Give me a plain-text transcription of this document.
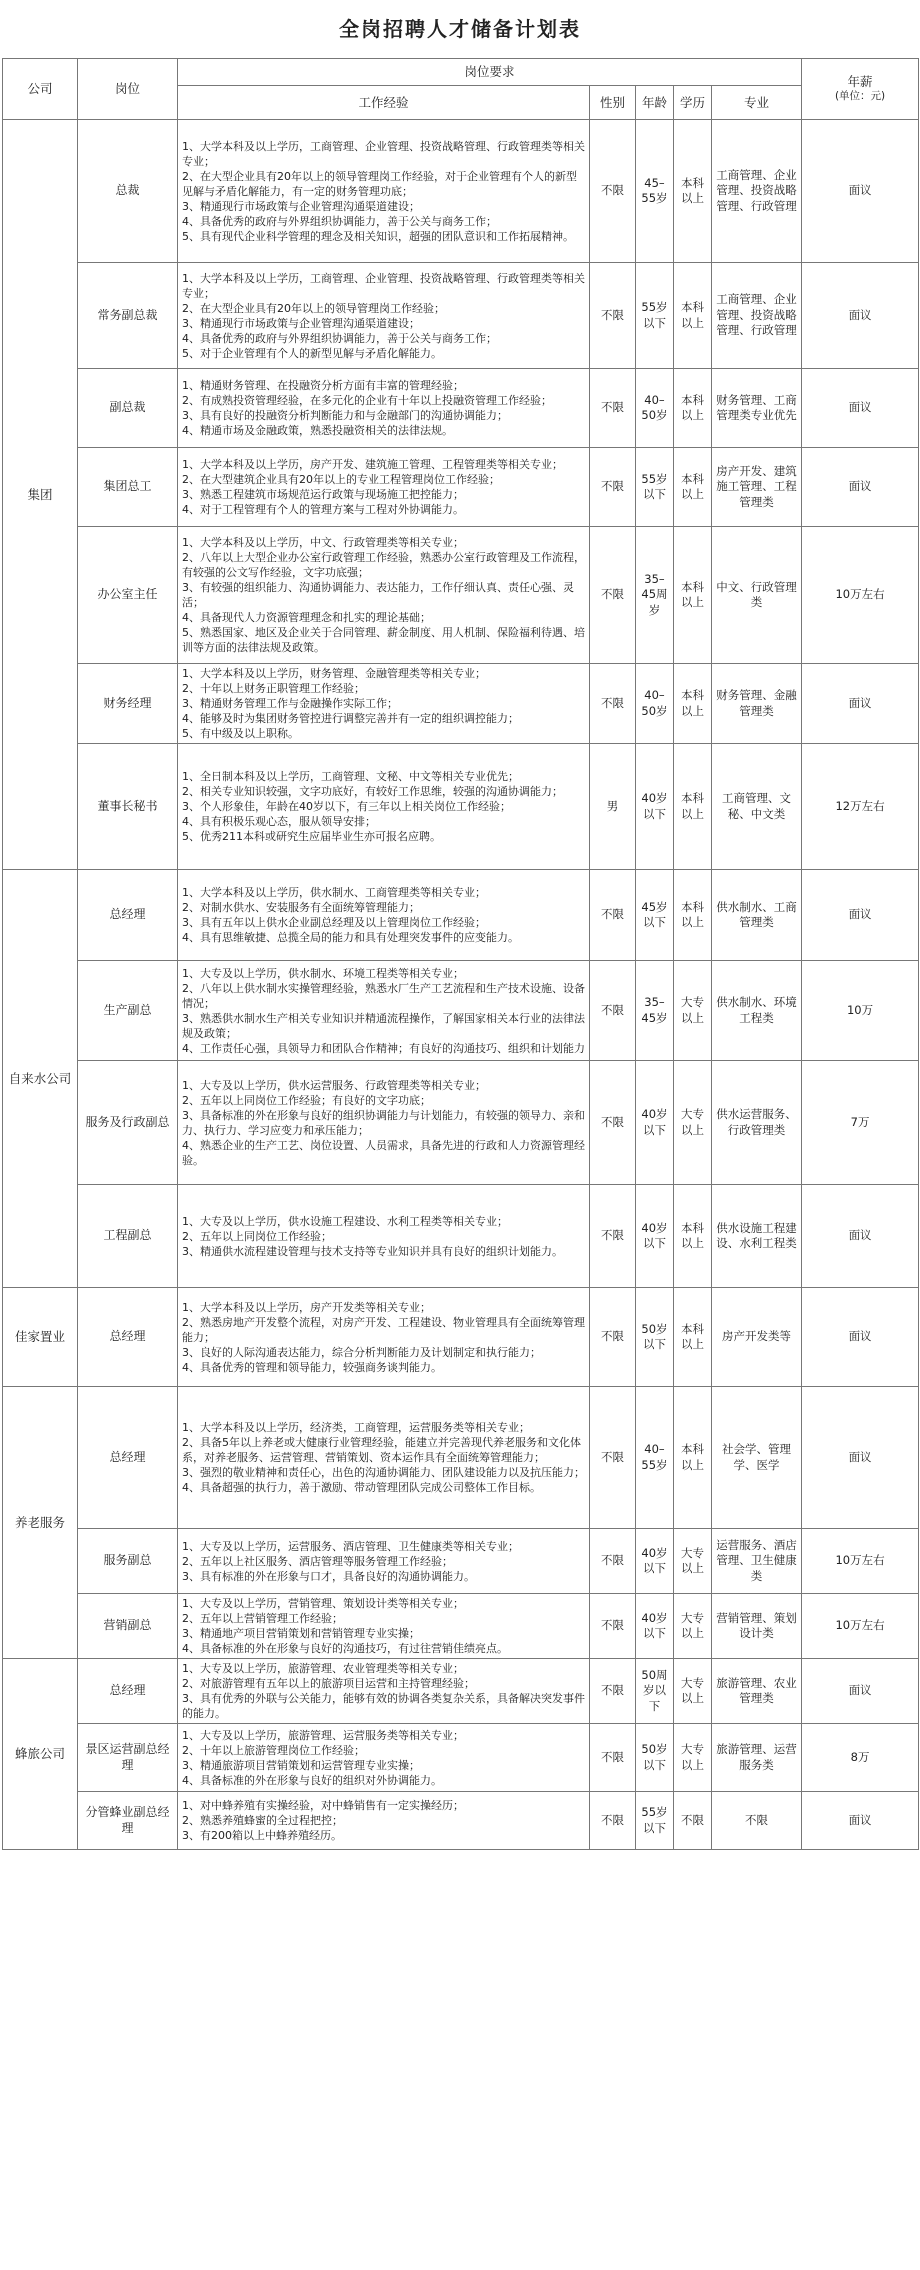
全岗招聘人才储备计划表
公司	岗位	岗位要求					年薪
(单位：元)

		工作经验	性别	年龄	学历	专业	
集团	总裁	1、大学本科及以上学历，工商管理、企业管理、投资战略管理、行政管理类等相关专业；
2、在大型企业具有20年以上的领导管理岗工作经验，对于企业管理有个人的新型见解与矛盾化解能力，有一定的财务管理功底；
3、精通现行市场政策与企业管理沟通渠道建设；
4、具备优秀的政府与外界组织协调能力，善于公关与商务工作；
5、具有现代企业科学管理的理念及相关知识，超强的团队意识和工作拓展精神。	不限	45–55岁	本科以上	工商管理、企业管理、投资战略管理、行政管理	面议
	常务副总裁	1、大学本科及以上学历，工商管理、企业管理、投资战略管理、行政管理类等相关专业；
2、在大型企业具有20年以上的领导管理岗工作经验；
3、精通现行市场政策与企业管理沟通渠道建设；
4、具备优秀的政府与外界组织协调能力，善于公关与商务工作；
5、对于企业管理有个人的新型见解与矛盾化解能力。	不限	55岁以下	本科以上	工商管理、企业管理、投资战略管理、行政管理	面议
	副总裁	1、精通财务管理、在投融资分析方面有丰富的管理经验；
2、有成熟投资管理经验，在多元化的企业有十年以上投融资管理工作经验；
3、具有良好的投融资分析判断能力和与金融部门的沟通协调能力；
4、精通市场及金融政策，熟悉投融资相关的法律法规。	不限	40–50岁	本科以上	财务管理、工商管理类专业优先	面议
	集团总工	1、大学本科及以上学历，房产开发、建筑施工管理、工程管理类等相关专业；
2、在大型建筑企业具有20年以上的专业工程管理岗位工作经验；
3、熟悉工程建筑市场规范运行政策与现场施工把控能力；
4、对于工程管理有个人的管理方案与工程对外协调能力。	不限	55岁以下	本科以上	房产开发、建筑施工管理、工程管理类	面议
	办公室主任	1、大学本科及以上学历，中文、行政管理类等相关专业；
2、八年以上大型企业办公室行政管理工作经验，熟悉办公室行政管理及工作流程，有较强的公文写作经验，文字功底强；
3、有较强的组织能力、沟通协调能力、表达能力，工作仔细认真、责任心强、灵活；
4、具备现代人力资源管理理念和扎实的理论基础；
5、熟悉国家、地区及企业关于合同管理、薪金制度、用人机制、保险福利待遇、培训等方面的法律法规及政策。	不限	35–45周岁	本科以上	中文、行政管理类	10万左右
	财务经理	1、大学本科及以上学历，财务管理、金融管理类等相关专业；
2、十年以上财务正职管理工作经验；
3、精通财务管理工作与金融操作实际工作；
4、能够及时为集团财务管控进行调整完善并有一定的组织调控能力；
5、有中级及以上职称。	不限	40–50岁	本科以上	财务管理、金融管理类	面议
	董事长秘书	1、全日制本科及以上学历，工商管理、文秘、中文等相关专业优先；
2、相关专业知识较强，文字功底好，有较好工作思维，较强的沟通协调能力；
3、个人形象佳，年龄在40岁以下，有三年以上相关岗位工作经验；
4、具有积极乐观心态，服从领导安排；
5、优秀211本科或研究生应届毕业生亦可报名应聘。	男	40岁以下	本科以上	工商管理、文秘、中文类	12万左右
自来水公司	总经理	1、大学本科及以上学历，供水制水、工商管理类等相关专业；
2、对制水供水、安装服务有全面统筹管理能力；
3、具有五年以上供水企业副总经理及以上管理岗位工作经验；
4、具有思维敏捷、总揽全局的能力和具有处理突发事件的应变能力。	不限	45岁以下	本科以上	供水制水、工商管理类	面议
	生产副总	1、大专及以上学历，供水制水、环境工程类等相关专业；
2、八年以上供水制水实操管理经验，熟悉水厂生产工艺流程和生产技术设施、设备情况；
3、熟悉供水制水生产相关专业知识并精通流程操作，了解国家相关本行业的法律法规及政策；
4、工作责任心强，具领导力和团队合作精神；有良好的沟通技巧、组织和计划能力	不限	35–45岁	大专以上	供水制水、环境工程类	10万
	服务及行政副总	1、大专及以上学历，供水运营服务、行政管理类等相关专业；
2、五年以上同岗位工作经验；有良好的文字功底；
3、具备标准的外在形象与良好的组织协调能力与计划能力，有较强的领导力、亲和力、执行力、学习应变力和承压能力；
4、熟悉企业的生产工艺、岗位设置、人员需求，具备先进的行政和人力资源管理经验。	不限	40岁以下	大专以上	供水运营服务、行政管理类	7万
	工程副总	1、大专及以上学历，供水设施工程建设、水利工程类等相关专业；
2、五年以上同岗位工作经验；
3、精通供水流程建设管理与技术支持等专业知识并具有良好的组织计划能力。	不限	40岁以下	本科以上	供水设施工程建设、水利工程类	面议
佳家置业	总经理	1、大学本科及以上学历，房产开发类等相关专业；
2、熟悉房地产开发整个流程，对房产开发、工程建设、物业管理具有全面统筹管理能力；
3、良好的人际沟通表达能力，综合分析判断能力及计划制定和执行能力；
4、具备优秀的管理和领导能力，较强商务谈判能力。	不限	50岁以下	本科以上	房产开发类等	面议
养老服务	总经理	1、大学本科及以上学历，经济类，工商管理，运营服务类等相关专业；
2、具备5年以上养老或大健康行业管理经验，能建立并完善现代养老服务和文化体系，对养老服务、运营管理、营销策划、资本运作具有全面统筹管理能力；
3、强烈的敬业精神和责任心，出色的沟通协调能力、团队建设能力以及抗压能力；
4、具备超强的执行力，善于激励、带动管理团队完成公司整体工作目标。	不限	40–55岁	本科以上	社会学、管理学、医学	面议
	服务副总	1、大专及以上学历，运营服务、酒店管理、卫生健康类等相关专业；
2、五年以上社区服务、酒店管理等服务管理工作经验；
3、具有标准的外在形象与口才，具备良好的沟通协调能力。	不限	40岁以下	大专以上	运营服务、酒店管理、卫生健康类	10万左右
	营销副总	1、大专及以上学历，营销管理、策划设计类等相关专业；
2、五年以上营销管理工作经验；
3、精通地产项目营销策划和营销管理专业实操；
4、具备标准的外在形象与良好的沟通技巧，有过往营销佳绩亮点。	不限	40岁以下	大专以上	营销管理、策划设计类	10万左右
蜂旅公司	总经理	1、大专及以上学历，旅游管理、农业管理类等相关专业；
2、对旅游管理有五年以上的旅游项目运营和主持管理经验；
3、具有优秀的外联与公关能力，能够有效的协调各类复杂关系，具备解决突发事件的能力。	不限	50周岁以下	大专以上	旅游管理、农业管理类	面议
	景区运营副总经理	1、大专及以上学历，旅游管理、运营服务类等相关专业；
2、十年以上旅游管理岗位工作经验；
3、精通旅游项目营销策划和运营管理专业实操；
4、具备标准的外在形象与良好的组织对外协调能力。	不限	50岁以下	大专以上	旅游管理、运营服务类	8万
	分管蜂业副总经理	1、对中蜂养殖有实操经验，对中蜂销售有一定实操经历；
2、熟悉养殖蜂蜜的全过程把控；
3、有200箱以上中蜂养殖经历。	不限	55岁以下	不限	不限	面议
